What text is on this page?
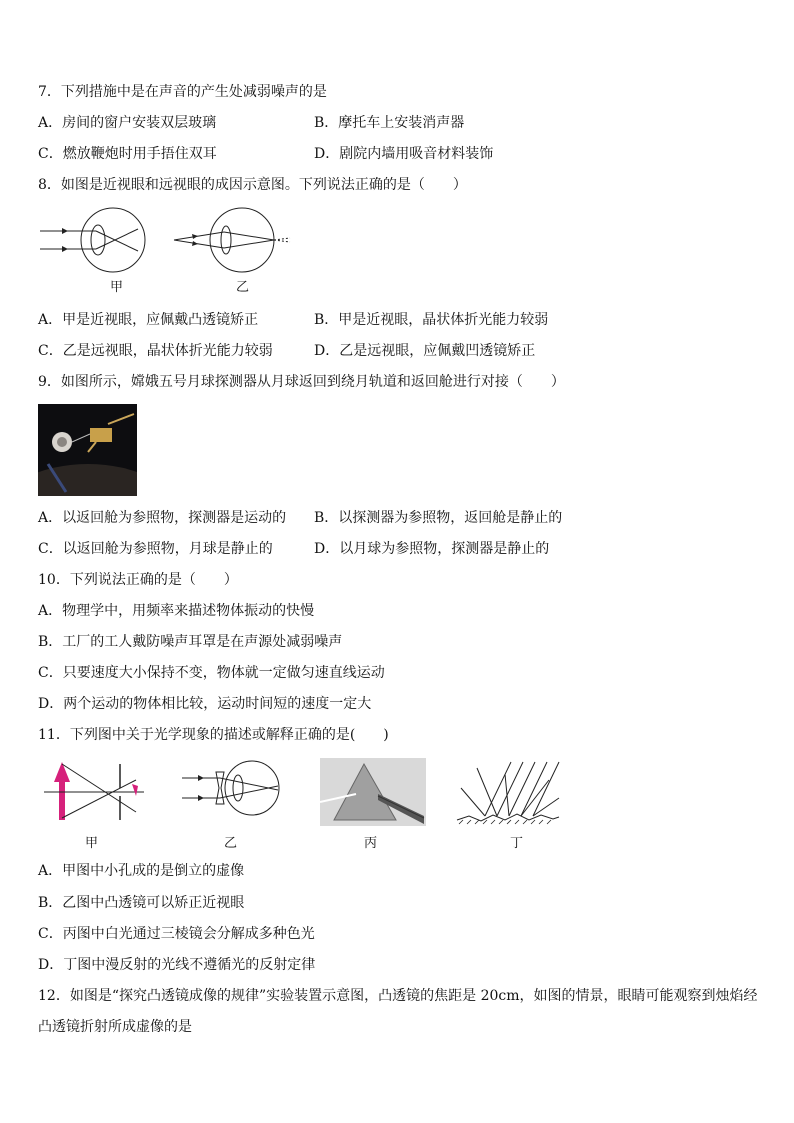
7．下列措施中是在声音的产生处减弱噪声的是
A．房间的窗户安装双层玻璃	B．摩托车上安装消声器
C．燃放鞭炮时用手捂住双耳	D．剧院内墙用吸音材料装饰
8．如图是近视眼和远视眼的成因示意图。下列说法正确的是（　　）
甲	乙
A．甲是近视眼，应佩戴凸透镜矫正	B．甲是近视眼，晶状体折光能力较弱
C．乙是远视眼，晶状体折光能力较弱	D．乙是远视眼，应佩戴凹透镜矫正
9．如图所示，嫦娥五号月球探测器从月球返回到绕月轨道和返回舱进行对接（　　）
A．以返回舱为参照物，探测器是运动的 B．以探测器为参照物，返回舱是静止的
C．以返回舱为参照物，月球是静止的	D．以月球为参照物，探测器是静止的
10．下列说法正确的是（　　）
A．物理学中，用频率来描述物体振动的快慢
B．工厂的工人戴防噪声耳罩是在声源处减弱噪声
C．只要速度大小保持不变，物体就一定做匀速直线运动
D．两个运动的物体相比较，运动时间短的速度一定大
11．下列图中关于光学现象的描述或解释正确的是(　　)
甲	乙	丙	丁
A．甲图中小孔成的是倒立的虚像
B．乙图中凸透镜可以矫正近视眼
C．丙图中白光通过三棱镜会分解成多种色光
D．丁图中漫反射的光线不遵循光的反射定律
12．如图是“探究凸透镜成像的规律”实验装置示意图，凸透镜的焦距是 20cm，如图的情景，眼睛可能观察到烛焰经
凸透镜折射所成虚像的是
